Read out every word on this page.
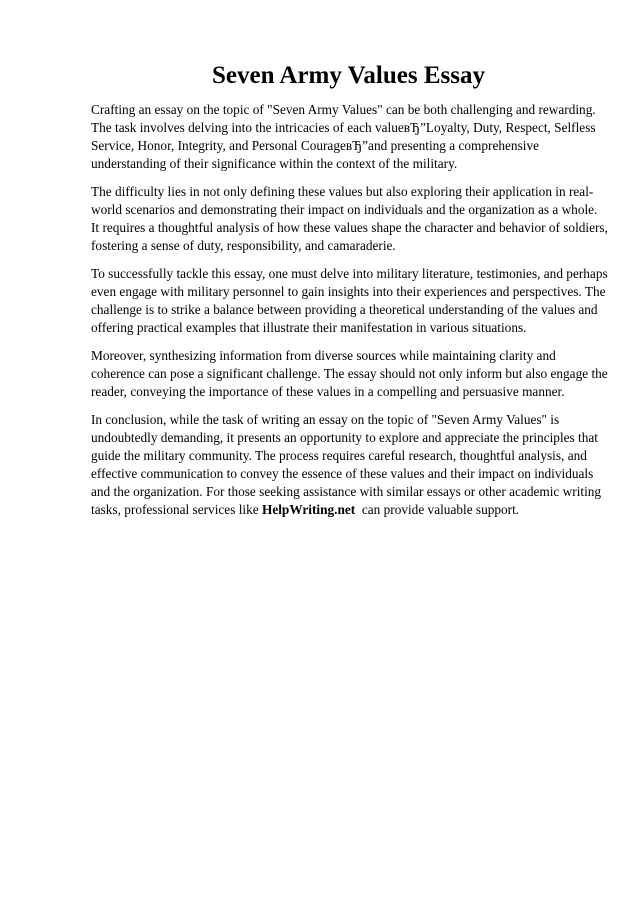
Seven Army Values Essay

Crafting an essay on the topic of "Seven Army Values" can be both challenging and rewarding.
The task involves delving into the intricacies of each valueвЂ”Loyalty, Duty, Respect, Selfless
Service, Honor, Integrity, and Personal CourageвЂ”and presenting a comprehensive
understanding of their significance within the context of the military.

The difficulty lies in not only defining these values but also exploring their application in real-
world scenarios and demonstrating their impact on individuals and the organization as a whole.
It requires a thoughtful analysis of how these values shape the character and behavior of soldiers,
fostering a sense of duty, responsibility, and camaraderie.

To successfully tackle this essay, one must delve into military literature, testimonies, and perhaps
even engage with military personnel to gain insights into their experiences and perspectives. The
challenge is to strike a balance between providing a theoretical understanding of the values and
offering practical examples that illustrate their manifestation in various situations.

Moreover, synthesizing information from diverse sources while maintaining clarity and
coherence can pose a significant challenge. The essay should not only inform but also engage the
reader, conveying the importance of these values in a compelling and persuasive manner.

In conclusion, while the task of writing an essay on the topic of "Seven Army Values" is
undoubtedly demanding, it presents an opportunity to explore and appreciate the principles that
guide the military community. The process requires careful research, thoughtful analysis, and
effective communication to convey the essence of these values and their impact on individuals
and the organization. For those seeking assistance with similar essays or other academic writing
tasks, professional services like HelpWriting.net  can provide valuable support.
